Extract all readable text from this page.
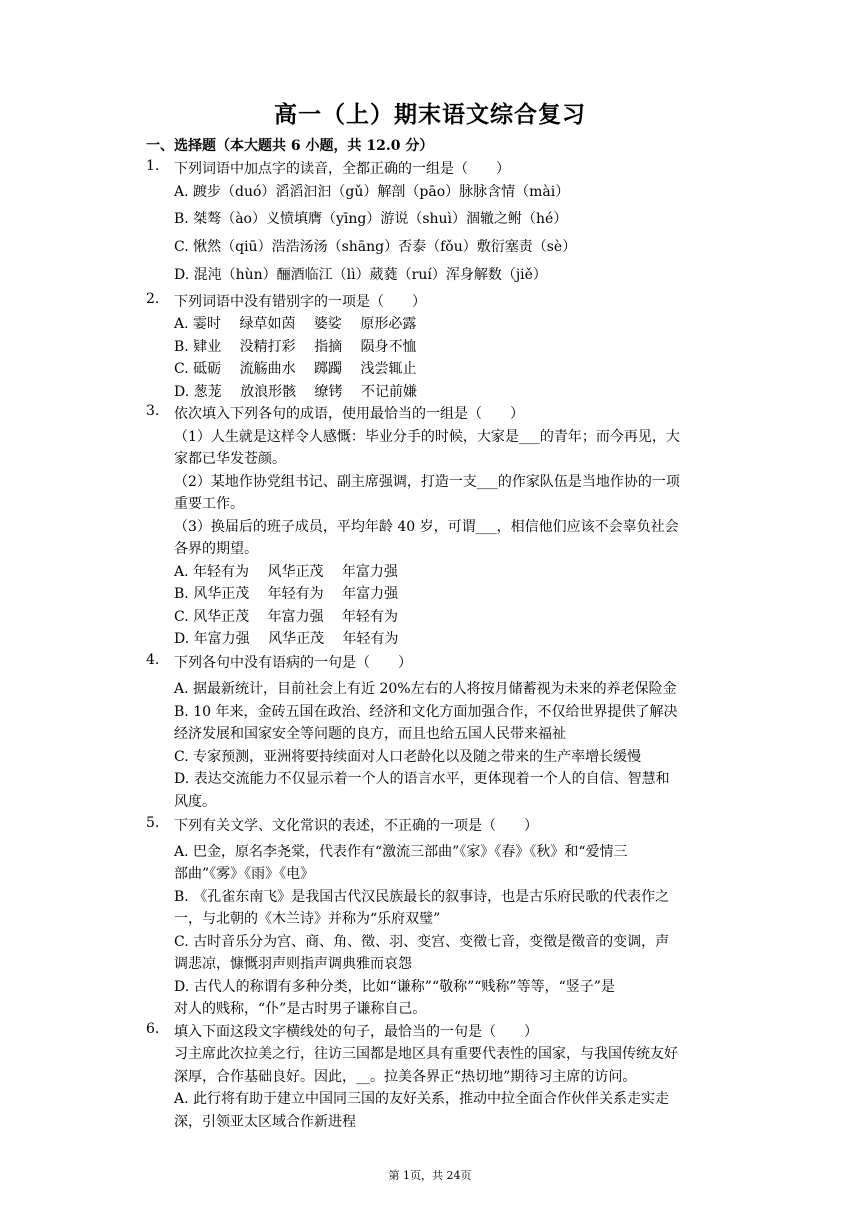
高一（上）期末语文综合复习
一、选择题（本大题共 6 小题，共 12.0 分）
1. 下列词语中加点字的读音，全都正确的一组是（　　）
A. 踱步（duó）滔滔汩汩（gǔ）解剖（pāo）脉脉含情（mài）
B. 桀骜（ào）义愤填膺（yīng）游说（shuì）涸辙之鲋（hé）
C. 愀然（qiū）浩浩汤汤（shāng）否泰（fǒu）敷衍塞责（sè）
D. 混沌（hùn）酾酒临江（lì）葳蕤（ruí）浑身解数（jiě）
2. 下列词语中没有错别字的一项是（　　）
A. 霎时　 绿草如茵　 婆娑　 原形必露
B. 肄业　 没精打彩　 指摘　 陨身不恤
C. 砥砺　 流觞曲水　 踯躅　 浅尝辄止
D. 葱茏　 放浪形骸　 缭铐　 不记前嫌
3. 依次填入下列各句的成语，使用最恰当的一组是（　　）
（1）人生就是这样令人感慨：毕业分手的时候，大家是___的青年；而今再见，大
家都已华发苍颜。
（2）某地作协党组书记、副主席强调，打造一支___的作家队伍是当地作协的一项
重要工作。
（3）换届后的班子成员，平均年龄 40 岁，可谓___，相信他们应该不会辜负社会
各界的期望。
A. 年轻有为　 风华正茂　 年富力强
B. 风华正茂　 年轻有为　 年富力强
C. 风华正茂　 年富力强　 年轻有为
D. 年富力强　 风华正茂　 年轻有为
4. 下列各句中没有语病的一句是（　　）
A. 据最新统计，目前社会上有近 20%左右的人将按月储蓄视为未来的养老保险金
B. 10 年来，金砖五国在政治、经济和文化方面加强合作，不仅给世界提供了解决
经济发展和国家安全等问题的良方，而且也给五国人民带来福祉
C. 专家预测，亚洲将要持续面对人口老龄化以及随之带来的生产率增长缓慢
D. 表达交流能力不仅显示着一个人的语言水平，更体现着一个人的自信、智慧和
风度。
5. 下列有关文学、文化常识的表述，不正确的一项是（　　）
A. 巴金，原名李尧棠，代表作有“激流三部曲”《家》《春》《秋》和“爱情三
部曲”《雾》《雨》《电》
B. 《孔雀东南飞》是我国古代汉民族最长的叙事诗，也是古乐府民歌的代表作之
一，与北朝的《木兰诗》并称为“乐府双璧”
C. 古时音乐分为宫、商、角、徵、羽、变宫、变徵七音，变徵是徵音的变调，声
调悲凉，慷慨羽声则指声调典雅而哀怨
D. 古代人的称谓有多种分类，比如“谦称”“敬称”“贱称”等等，“竖子”是
对人的贱称，“仆”是古时男子谦称自己。
6. 填入下面这段文字横线处的句子，最恰当的一句是（　　）
习主席此次拉美之行，往访三国都是地区具有重要代表性的国家，与我国传统友好
深厚，合作基础良好。因此，__。拉美各界正“热切地”期待习主席的访问。
A. 此行将有助于建立中国同三国的友好关系，推动中拉全面合作伙伴关系走实走
深，引领亚太区域合作新进程
第 1页，共 24页
